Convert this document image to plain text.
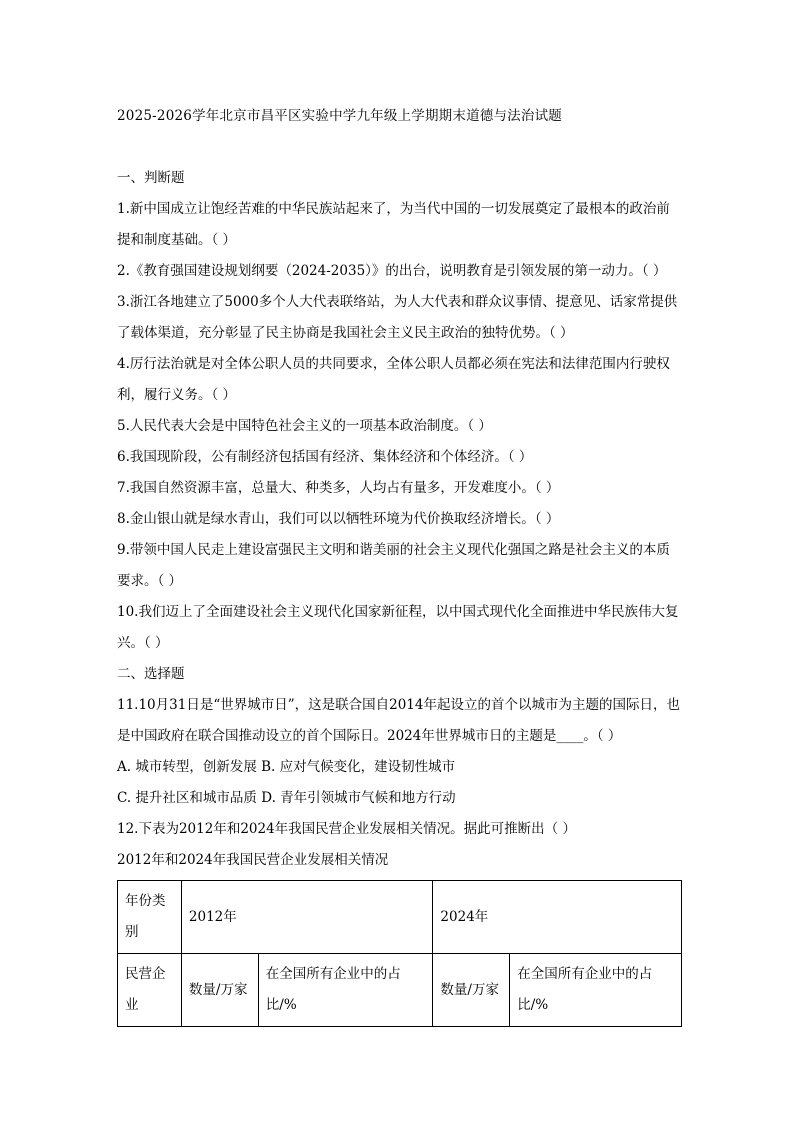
2025-2026学年北京市昌平区实验中学九年级上学期期末道德与法治试题

一、判断题

1.新中国成立让饱经苦难的中华民族站起来了，为当代中国的一切发展奠定了最根本的政治前提和制度基础。（ ）

2.《教育强国建设规划纲要（2024-2035）》的出台，说明教育是引领发展的第一动力。（ ）

3.浙江各地建立了5000多个人大代表联络站，为人大代表和群众议事情、提意见、话家常提供了载体渠道，充分彰显了民主协商是我国社会主义民主政治的独特优势。（ ）

4.厉行法治就是对全体公职人员的共同要求，全体公职人员都必须在宪法和法律范围内行驶权利，履行义务。（ ）

5.人民代表大会是中国特色社会主义的一项基本政治制度。（ ）

6.我国现阶段，公有制经济包括国有经济、集体经济和个体经济。（ ）

7.我国自然资源丰富，总量大、种类多，人均占有量多，开发难度小。（ ）

8.金山银山就是绿水青山，我们可以以牺牲环境为代价换取经济增长。（ ）

9.带领中国人民走上建设富强民主文明和谐美丽的社会主义现代化强国之路是社会主义的本质要求。（ ）

10.我们迈上了全面建设社会主义现代化国家新征程，以中国式现代化全面推进中华民族伟大复兴。（ ）

二、选择题

11.10月31日是“世界城市日”，这是联合国自2014年起设立的首个以城市为主题的国际日，也是中国政府在联合国推动设立的首个国际日。2024年世界城市日的主题是____。（ ）

A. 城市转型，创新发展 B. 应对气候变化，建设韧性城市

C. 提升社区和城市品质 D. 青年引领城市气候和地方行动

12.下表为2012年和2024年我国民营企业发展相关情况。据此可推断出（ ）

2012年和2024年我国民营企业发展相关情况

年份类别	2012年		2024年	
民营企业	数量/万家	在全国所有企业中的占比/%	数量/万家	在全国所有企业中的占比/%
